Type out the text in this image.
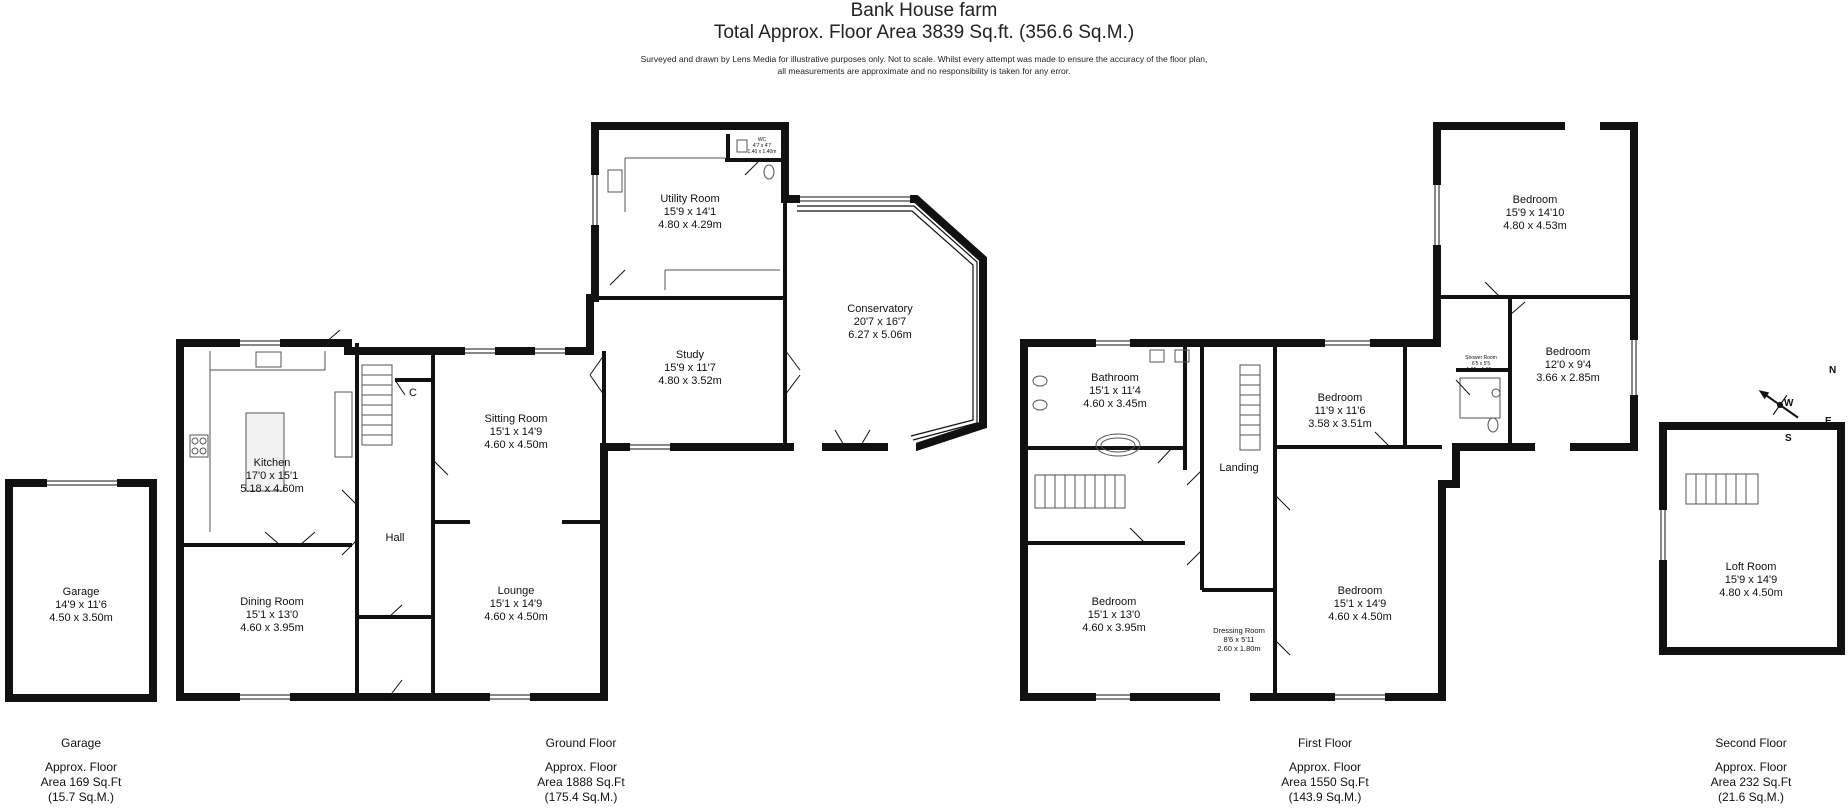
Bank House farm
Total Approx. Floor Area 3839 Sq.ft. (356.6 Sq.M.)
Surveyed and drawn by Lens Media for illustrative purposes only. Not to scale. Whilst every attempt was made to ensure the accuracy of the floor plan,
all measurements are approximate and no responsibility is taken for any error.
N
E
S
W
Garage
14'9 x 11'6
4.50 x 3.50m
Kitchen
17'0 x 15'1
5.18 x 4.60m
Dining Room
15'1 x 13'0
4.60 x 3.95m
Hall
C
Sitting Room
15'1 x 14'9
4.60 x 4.50m
Lounge
15'1 x 14'9
4.60 x 4.50m
Utility Room
15'9 x 14'1
4.80 x 4.29m
WC
4'7 x 4'7
1.40 x 1.40m
Study
15'9 x 11'7
4.80 x 3.52m
Conservatory
20'7 x 16'7
6.27 x 5.06m
Bathroom
15'1 x 11'4
4.60 x 3.45m	Bedroom
11'9 x 11'6
3.58 x 3.51m
Bedroom
15'9 x 14'10
4.80 x 4.53m
Bedroom
12'0 x 9'4
3.66 x 2.85m
Shower Room
6'5 x 5'5
1.96 x 1.65m
Landing
Bedroom
15'1 x 13'0
4.60 x 3.95m	Dressing Room
8'6 x 5'11
2.60 x 1.80m
Bedroom
15'1 x 14'9
4.60 x 4.50m
Loft Room
15'9 x 14'9
4.80 x 4.50m
Garage
Approx. Floor
Area 169 Sq.Ft
(15.7 Sq.M.)
Ground Floor
Approx. Floor
Area 1888 Sq.Ft
(175.4 Sq.M.)
First Floor
Approx. Floor
Area 1550 Sq.Ft
(143.9 Sq.M.)
Second Floor
Approx. Floor
Area 232 Sq.Ft
(21.6 Sq.M.)
